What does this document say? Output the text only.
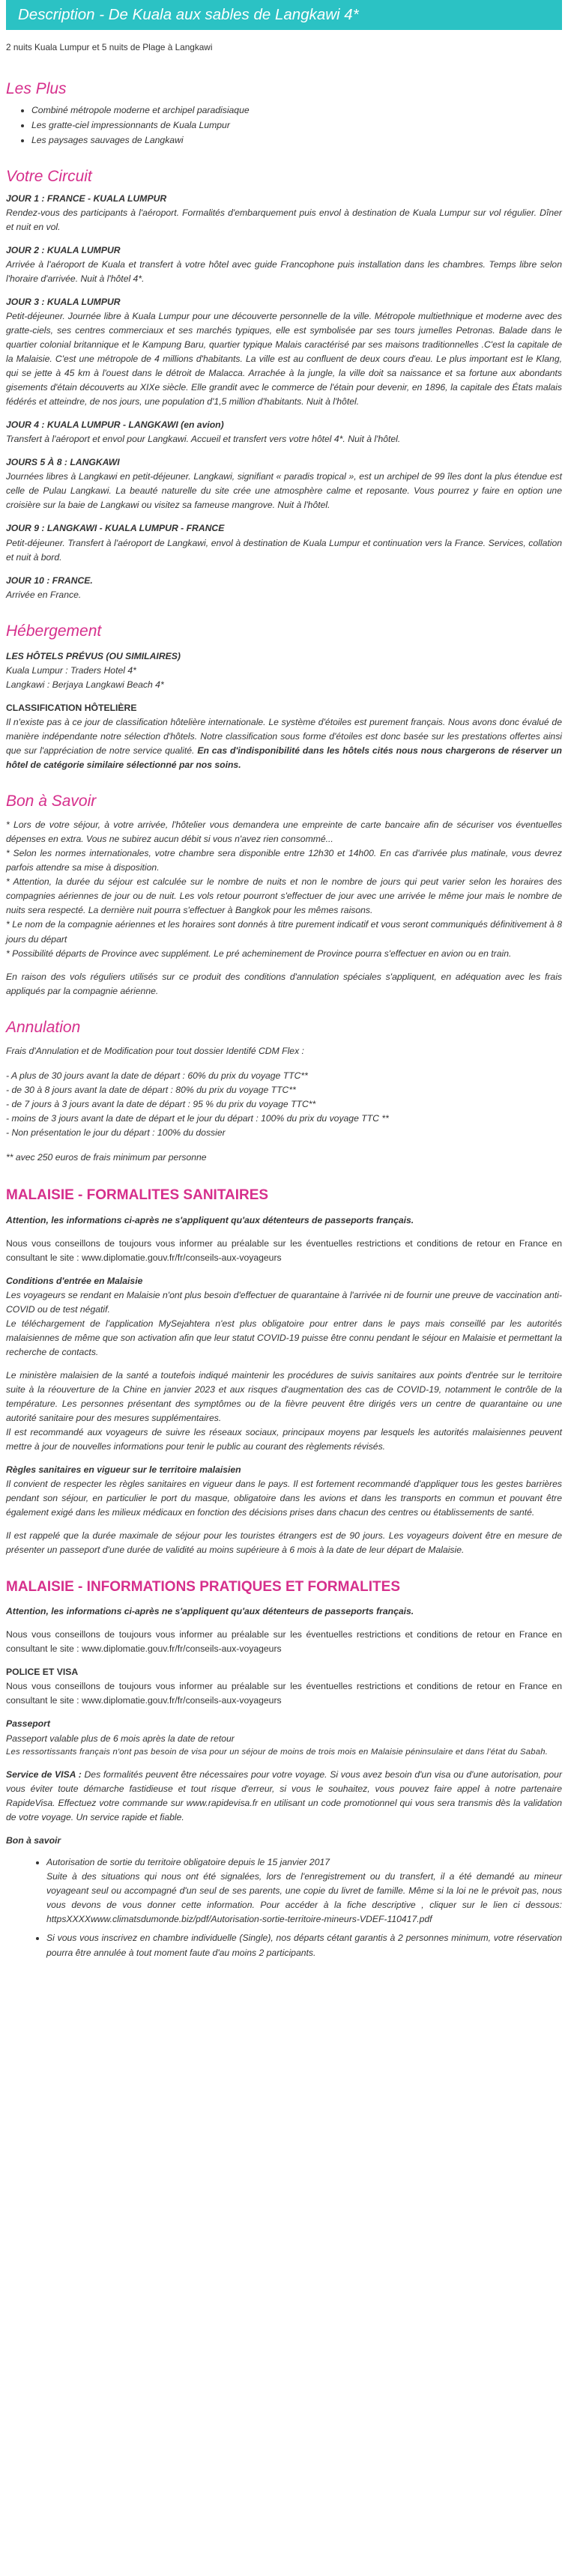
Description - De Kuala aux sables de Langkawi 4*

2 nuits Kuala Lumpur et 5 nuits de Plage à Langkawi

Les Plus
• Combiné métropole moderne et archipel paradisiaque
• Les gratte-ciel impressionnants de Kuala Lumpur
• Les paysages sauvages de Langkawi
Votre Circuit

JOUR 1 : FRANCE - KUALA LUMPUR

Rendez-vous des participants à l'aéroport. Formalités d'embarquement puis envol à destination de Kuala Lumpur sur vol régulier. Dîner et nuit en vol.

JOUR 2 : KUALA LUMPUR

Arrivée à l'aéroport de Kuala et transfert à votre hôtel avec guide Francophone puis installation dans les chambres. Temps libre selon l'horaire d'arrivée. Nuit à l'hôtel 4*.

JOUR 3 : KUALA LUMPUR

Petit-déjeuner. Journée libre à Kuala Lumpur pour une découverte personnelle de la ville. Métropole multiethnique et moderne avec des gratte-ciels, ses centres commerciaux et ses marchés typiques, elle est symbolisée par ses tours jumelles Petronas. Balade dans le quartier colonial britannique et le Kampung Baru, quartier typique Malais caractérisé par ses maisons traditionnelles .C'est la capitale de la Malaisie. C'est une métropole de 4 millions d'habitants. La ville est au confluent de deux cours d'eau. Le plus important est le Klang, qui se jette à 45 km à l'ouest dans le détroit de Malacca. Arrachée à la jungle, la ville doit sa naissance et sa fortune aux abondants gisements d'étain découverts au XIXe siècle. Elle grandit avec le commerce de l'étain pour devenir, en 1896, la capitale des États malais fédérés et atteindre, de nos jours, une population d'1,5 million d'habitants. Nuit à l'hôtel.

JOUR 4 : KUALA LUMPUR - LANGKAWI (en avion)

Transfert à l'aéroport et envol pour Langkawi. Accueil et transfert vers votre hôtel 4*. Nuit à l'hôtel.

JOURS 5 À 8 : LANGKAWI

Journées libres à Langkawi en petit-déjeuner. Langkawi, signifiant « paradis tropical », est un archipel de 99 îles dont la plus étendue est celle de Pulau Langkawi. La beauté naturelle du site crée une atmosphère calme et reposante. Vous pourrez y faire en option une croisière sur la baie de Langkawi ou visitez sa fameuse mangrove. Nuit à l'hôtel.

JOUR 9 : LANGKAWI - KUALA LUMPUR - FRANCE

Petit-déjeuner. Transfert à l'aéroport de Langkawi, envol à destination de Kuala Lumpur et continuation vers la France. Services, collation et nuit à bord.

JOUR 10 : FRANCE.

Arrivée en France.

Hébergement

LES HÔTELS PRÉVUS (OU SIMILAIRES)

Kuala Lumpur : Traders Hotel 4*

Langkawi : Berjaya Langkawi Beach 4*

CLASSIFICATION HÔTELIÈRE

Il n'existe pas à ce jour de classification hôtelière internationale. Le système d'étoiles est purement français. Nous avons donc évalué de manière indépendante notre sélection d'hôtels. Notre classification sous forme d'étoiles est donc basée sur les prestations offertes ainsi que sur l'appréciation de notre service qualité. En cas d'indisponibilité dans les hôtels cités nous nous chargerons de réserver un hôtel de catégorie similaire sélectionné par nos soins.

Bon à Savoir

* Lors de votre séjour, à votre arrivée, l'hôtelier vous demandera une empreinte de carte bancaire afin de sécuriser vos éventuelles dépenses en extra. Vous ne subirez aucun débit si vous n'avez rien consommé...

* Selon les normes internationales, votre chambre sera disponible entre 12h30 et 14h00. En cas d'arrivée plus matinale, vous devrez parfois attendre sa mise à disposition.

* Attention, la durée du séjour est calculée sur le nombre de nuits et non le nombre de jours qui peut varier selon les horaires des compagnies aériennes de jour ou de nuit. Les vols retour pourront s'effectuer de jour avec une arrivée le même jour mais le nombre de nuits sera respecté. La dernière nuit pourra s'effectuer à Bangkok pour les mêmes raisons.

* Le nom de la compagnie aériennes et les horaires sont donnés à titre purement indicatif et vous seront communiqués définitivement à 8 jours du départ

* Possibilité départs de Province avec supplément. Le pré acheminement de Province pourra s'effectuer en avion ou en train.

En raison des vols réguliers utilisés sur ce produit des conditions d'annulation spéciales s'appliquent, en adéquation avec les frais appliqués par la compagnie aérienne.

Annulation

Frais d'Annulation et de Modification pour tout dossier Identifé CDM Flex :

- A plus de 30 jours avant la date de départ : 60% du prix du voyage TTC**

- de 30 à 8 jours avant la date de départ : 80% du prix du voyage TTC**

- de 7 jours à 3 jours avant la date de départ : 95 % du prix du voyage TTC**

- moins de 3 jours avant la date de départ et le jour du départ : 100% du prix du voyage TTC **

- Non présentation le jour du départ : 100% du dossier

** avec 250 euros de frais minimum par personne

MALAISIE - FORMALITES SANITAIRES

Attention, les informations ci-après ne s'appliquent qu'aux détenteurs de passeports français.

Nous vous conseillons de toujours vous informer au préalable sur les éventuelles restrictions et conditions de retour en France en consultant le site : www.diplomatie.gouv.fr/fr/conseils-aux-voyageurs

Conditions d'entrée en Malaisie

Les voyageurs se rendant en Malaisie n'ont plus besoin d'effectuer de quarantaine à l'arrivée ni de fournir une preuve de vaccination anti-COVID ou de test négatif.

Le téléchargement de l'application MySejahtera n'est plus obligatoire pour entrer dans le pays mais conseillé par les autorités malaisiennes de même que son activation afin que leur statut COVID-19 puisse être connu pendant le séjour en Malaisie et permettant la recherche de contacts.

Le ministère malaisien de la santé a toutefois indiqué maintenir les procédures de suivis sanitaires aux points d'entrée sur le territoire suite à la réouverture de la Chine en janvier 2023 et aux risques d'augmentation des cas de COVID-19, notamment le contrôle de la température. Les personnes présentant des symptômes ou de la fièvre peuvent être dirigés vers un centre de quarantaine ou une autorité sanitaire pour des mesures supplémentaires.

Il est recommandé aux voyageurs de suivre les réseaux sociaux, principaux moyens par lesquels les autorités malaisiennes peuvent mettre à jour de nouvelles informations pour tenir le public au courant des règlements révisés.

Règles sanitaires en vigueur sur le territoire malaisien

Il convient de respecter les règles sanitaires en vigueur dans le pays. Il est fortement recommandé d'appliquer tous les gestes barrières pendant son séjour, en particulier le port du masque, obligatoire dans les avions et dans les transports en commun et pouvant être également exigé dans les milieux médicaux en fonction des décisions prises dans chacun des centres ou établissements de santé.

Il est rappelé que la durée maximale de séjour pour les touristes étrangers est de 90 jours. Les voyageurs doivent être en mesure de présenter un passeport d'une durée de validité au moins supérieure à 6 mois à la date de leur départ de Malaisie.

MALAISIE - INFORMATIONS PRATIQUES ET FORMALITES

Attention, les informations ci-après ne s'appliquent qu'aux détenteurs de passeports français.

Nous vous conseillons de toujours vous informer au préalable sur les éventuelles restrictions et conditions de retour en France en consultant le site : www.diplomatie.gouv.fr/fr/conseils-aux-voyageurs

POLICE ET VISA

Nous vous conseillons de toujours vous informer au préalable sur les éventuelles restrictions et conditions de retour en France en consultant le site : www.diplomatie.gouv.fr/fr/conseils-aux-voyageurs

Passeport

Passeport valable plus de 6 mois après la date de retour

Les ressortissants français n'ont pas besoin de visa pour un séjour de moins de trois mois en Malaisie péninsulaire et dans l'état du Sabah.

Service de VISA : Des formalités peuvent être nécessaires pour votre voyage. Si vous avez besoin d'un visa ou d'une autorisation, pour vous éviter toute démarche fastidieuse et tout risque d'erreur, si vous le souhaitez, vous pouvez faire appel à notre partenaire RapideVisa. Effectuez votre commande sur www.rapidevisa.fr en utilisant un code promotionnel qui vous sera transmis dès la validation de votre voyage. Un service rapide et fiable.

Bon à savoir

• Autorisation de sortie du territoire obligatoire depuis le 15 janvier 2017
Suite à des situations qui nous ont été signalées, lors de l'enregistrement ou du transfert, il a été demandé au mineur voyageant seul ou accompagné d'un seul de ses parents, une copie du livret de famille. Même si la loi ne le prévoit pas, nous vous devons de vous donner cette information. Pour accéder à la fiche descriptive , cliquer sur le lien ci dessous: httpsXXXXwww.climatsdumonde.biz/pdf/Autorisation-sortie-territoire-mineurs-VDEF-110417.pdf
• Si vous vous inscrivez en chambre individuelle (Single), nos départs cétant garantis à 2 personnes minimum, votre réservation pourra être annulée à tout moment faute d'au moins 2 participants.
